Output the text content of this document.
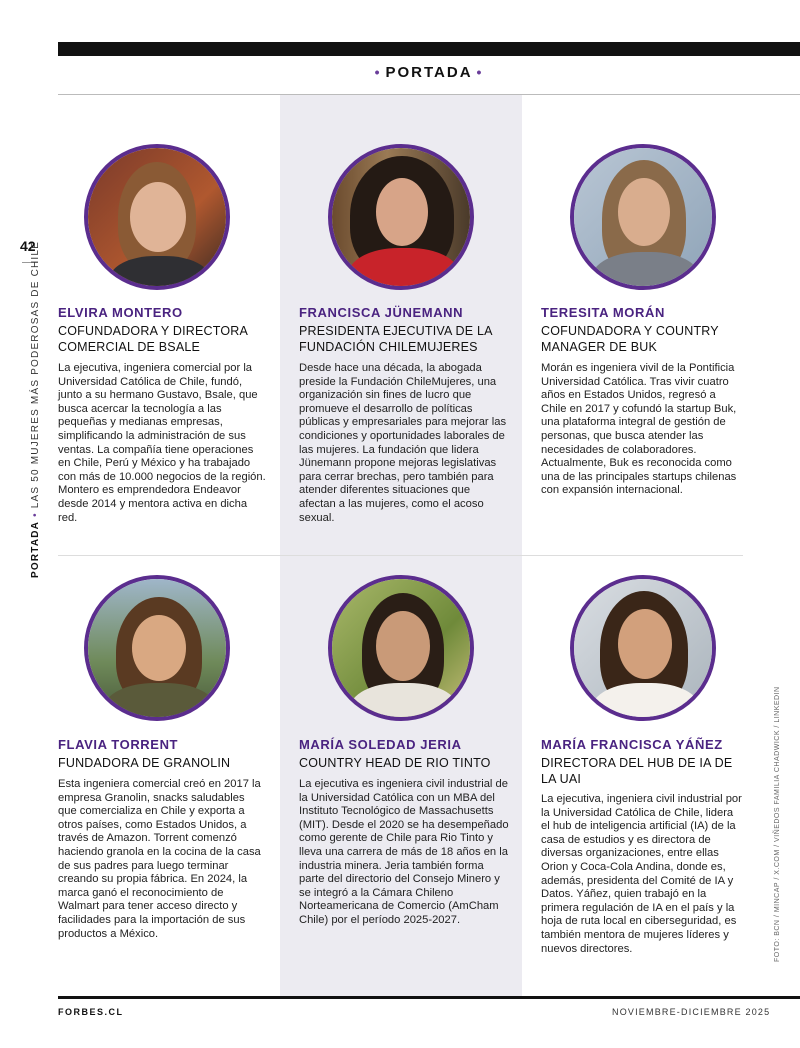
• PORTADA •
42
PORTADA • LAS 50 MUJERES MÁS PODEROSAS DE CHILE
FOTO: BCN / MINCAP / X.COM / VIÑEDOS FAMILIA CHADWICK / LINKEDIN
ELVIRA MONTERO
COFUNDADORA Y DIRECTORA COMERCIAL DE BSALE
La ejecutiva, ingeniera comercial por la Universidad Católica de Chile, fundó, junto a su hermano Gustavo, Bsale, que busca acercar la tecnología a las pequeñas y medianas empresas, simplificando la administración de sus ventas. La compañía tiene operaciones en Chile, Perú y México y ha trabajado con más de 10.000 negocios de la región. Montero es emprendedora Endeavor desde 2014 y mentora activa en dicha red.
FRANCISCA JÜNEMANN
PRESIDENTA EJECUTIVA DE LA FUNDACIÓN CHILEMUJERES
Desde hace una década, la abogada preside la Fundación ChileMujeres, una organización sin fines de lucro que promueve el desarrollo de políticas públicas y empresariales para mejorar las condiciones y oportunidades laborales de las mujeres. La fundación que lidera Jünemann propone mejoras legislativas para cerrar brechas, pero también para atender diferentes situaciones que afectan a las mujeres, como el acoso sexual.
TERESITA MORÁN
COFUNDADORA Y COUNTRY MANAGER DE BUK
Morán es ingeniera vivil de la Pontificia Universidad Católica. Tras vivir cuatro años en Estados Unidos, regresó a Chile en 2017 y cofundó la startup Buk, una plataforma integral de gestión de personas, que busca atender las necesidades de colaboradores. Actualmente, Buk es reconocida como una de las principales startups chilenas con expansión internacional.
FLAVIA TORRENT
FUNDADORA DE GRANOLIN
Esta ingeniera comercial creó en 2017 la empresa Granolin, snacks saludables que comercializa en Chile y exporta a otros países, como Estados Unidos, a través de Amazon. Torrent comenzó haciendo granola en la cocina de la casa de sus padres para luego terminar creando su propia fábrica. En 2024, la marca ganó el reconocimiento de Walmart para tener acceso directo y facilidades para la importación de sus productos a México.
MARÍA SOLEDAD JERIA
COUNTRY HEAD DE RIO TINTO
La ejecutiva es ingeniera civil industrial de la Universidad Católica con un MBA del Instituto Tecnológico de Massachusetts (MIT). Desde el 2020 se ha desempeñado como gerente de Chile para Rio Tinto y lleva una carrera de más de 18 años en la industria minera. Jeria también forma parte del directorio del Consejo Minero y se integró a la Cámara Chileno Norteamericana de Comercio (AmCham Chile) por el período 2025-2027.
MARÍA FRANCISCA YÁÑEZ
DIRECTORA DEL HUB DE IA DE LA UAI
La ejecutiva, ingeniera civil industrial por la Universidad Católica de Chile, lidera el hub de inteligencia artificial (IA) de la casa de estudios y es directora de diversas organizaciones, entre ellas Orion y Coca-Cola Andina, donde es, además, presidenta del Comité de IA y Datos. Yáñez, quien trabajó en la primera regulación de IA en el país y la hoja de ruta local en ciberseguridad, es también mentora de mujeres líderes y nuevos directores.
FORBES.CL	NOVIEMBRE-DICIEMBRE 2025
